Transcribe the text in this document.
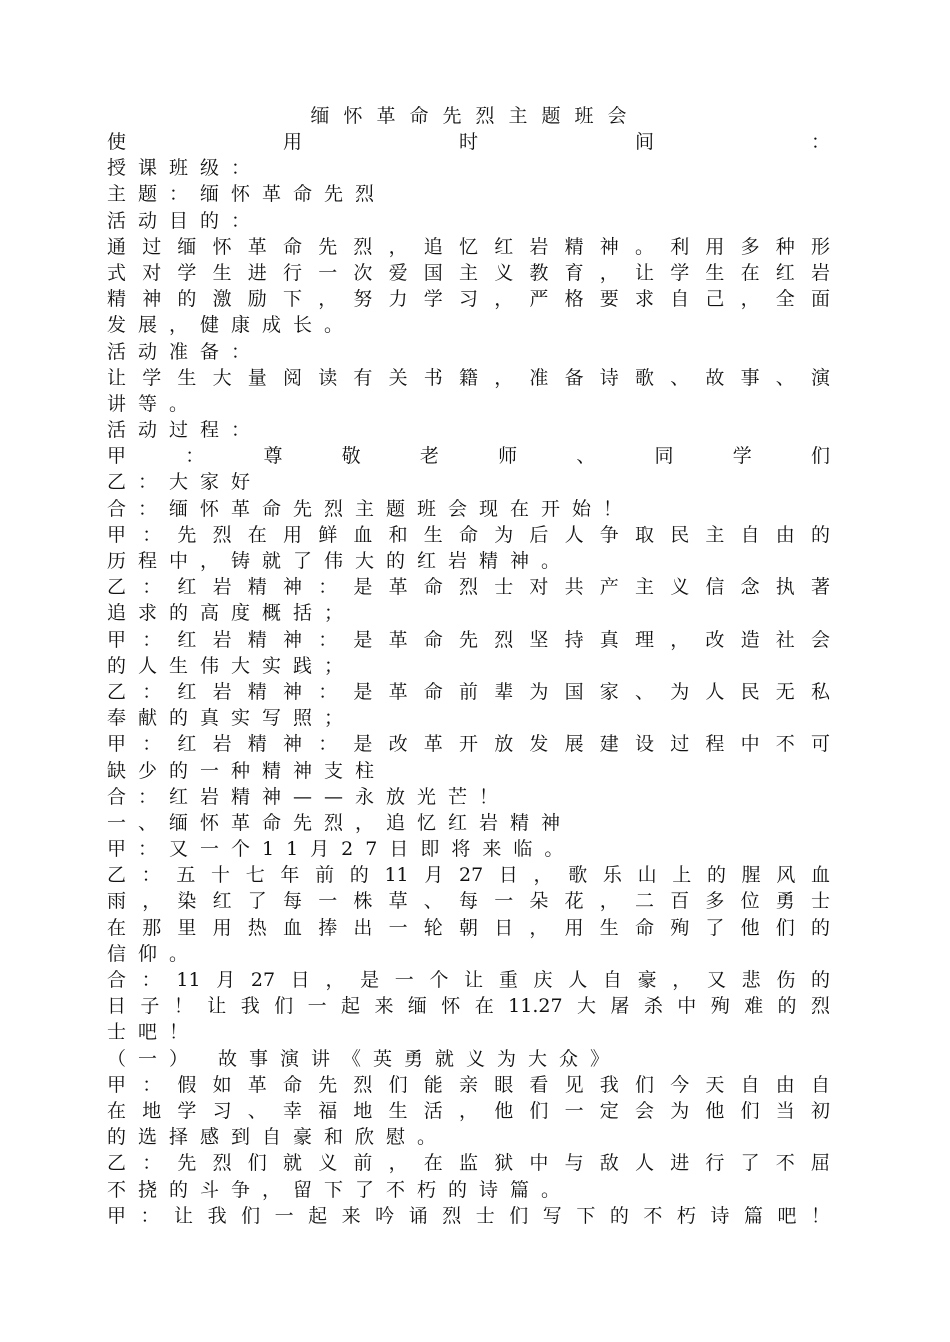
缅怀革命先烈主题班会
使 用 时 间 ：
授课班级：
主题：缅怀革命先烈
活动目的：
通过缅怀革命先烈，追忆红岩精神。利用多种形
式对学生进行一次爱国主义教育，让学生在红岩
精神的激励下，努力学习，严格要求自己，全面
发展，健康成长。
活动准备：
让学生大量阅读有关书籍，准备诗歌、故事、演
讲等。
活动过程：
甲 ： 尊 敬 老 师 、 同 学 们
乙：大家好
合：缅怀革命先烈主题班会现在开始！
甲：先烈在用鲜血和生命为后人争取民主自由的
历程中，铸就了伟大的红岩精神。
乙：红岩精神：是革命烈士对共产主义信念执著
追求的高度概括；
甲：红岩精神：是革命先烈坚持真理，改造社会
的人生伟大实践；
乙：红岩精神：是革命前辈为国家、为人民无私
奉献的真实写照；
甲：红岩精神：是改革开放发展建设过程中不可
缺少的一种精神支柱
合：红岩精神——永放光芒！
一、缅怀革命先烈，追忆红岩精神
甲：又一个11月27日即将来临。
乙：五十七年前的11月27日，歌乐山上的腥风血
雨，染红了每一株草、每一朵花，二百多位勇士
在那里用热血捧出一轮朝日，用生命殉了他们的
信仰。
合：11月27日，是一个让重庆人自豪，又悲伤的
日子！让我们一起来缅怀在11.27大屠杀中殉难的烈
士吧！
（一） 故事演讲《英勇就义为大众》
甲：假如革命先烈们能亲眼看见我们今天自由自
在地学习、幸福地生活，他们一定会为他们当初
的选择感到自豪和欣慰。
乙：先烈们就义前，在监狱中与敌人进行了不屈
不挠的斗争，留下了不朽的诗篇。
甲：让我们一起来吟诵烈士们写下的不朽诗篇吧！
